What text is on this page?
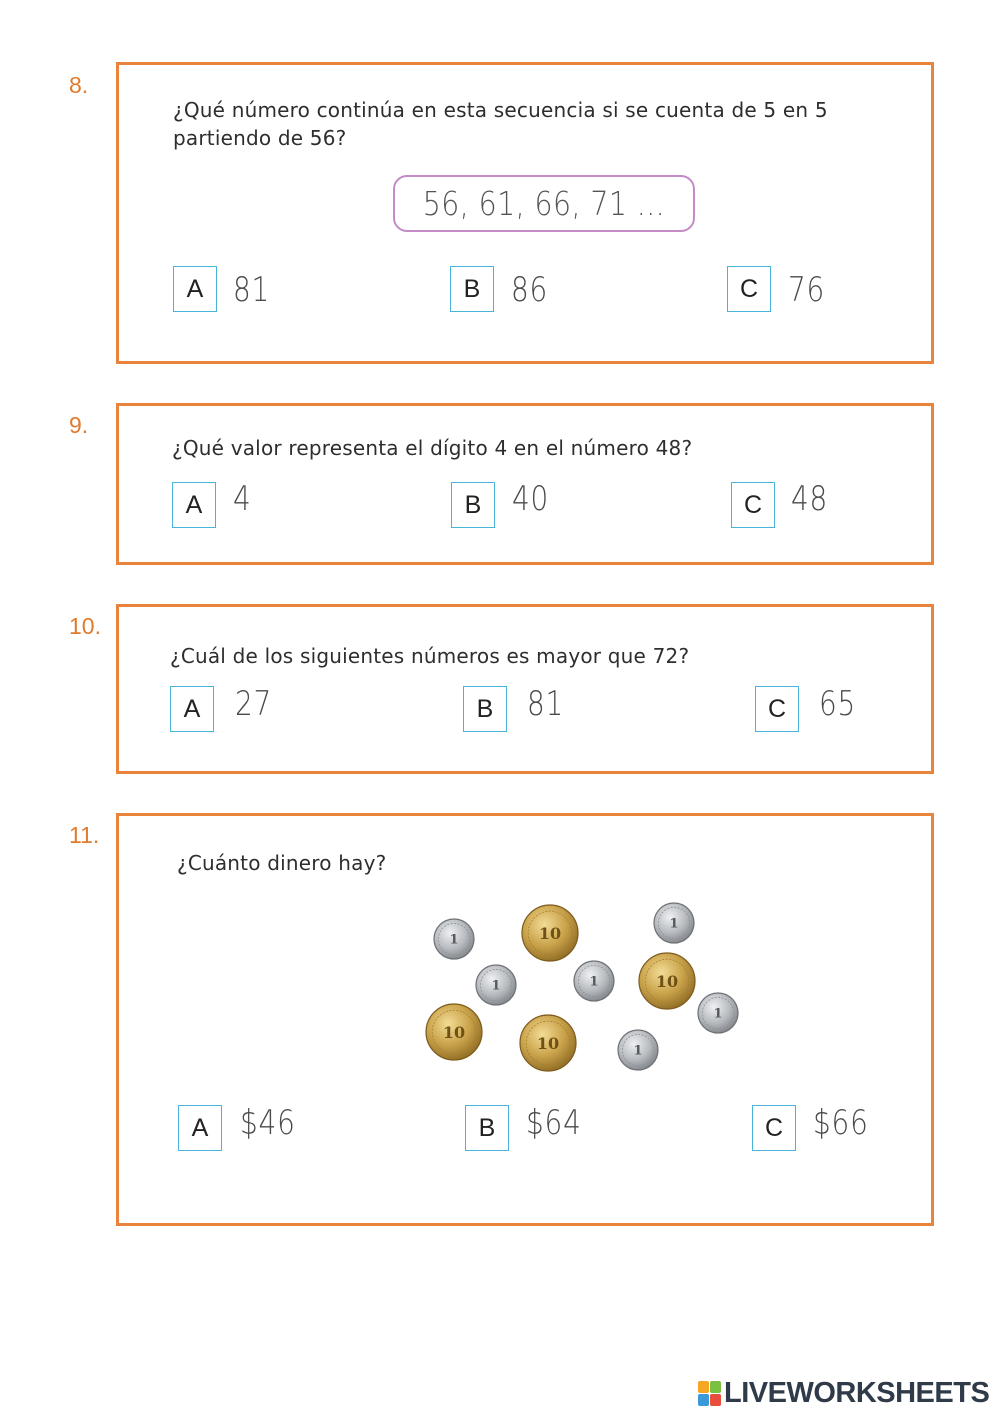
8.
¿Qué número continúa en esta secuencia si se cuenta de 5 en 5
partiendo de 56?
56, 61, 66, 71 ...
A 81	B 86	C 76
9.
¿Qué valor representa el dígito 4 en el número 48?
A 4	B 40	C 48
10.
¿Cuál de los siguientes números es mayor que 72?
A	27	B 81	C 65
11.
¿Cuánto dinero hay?
1	10
1
1	1	10
1
10
10	1
A $46	B $64	C $66
LIVEWORKSHEETS
